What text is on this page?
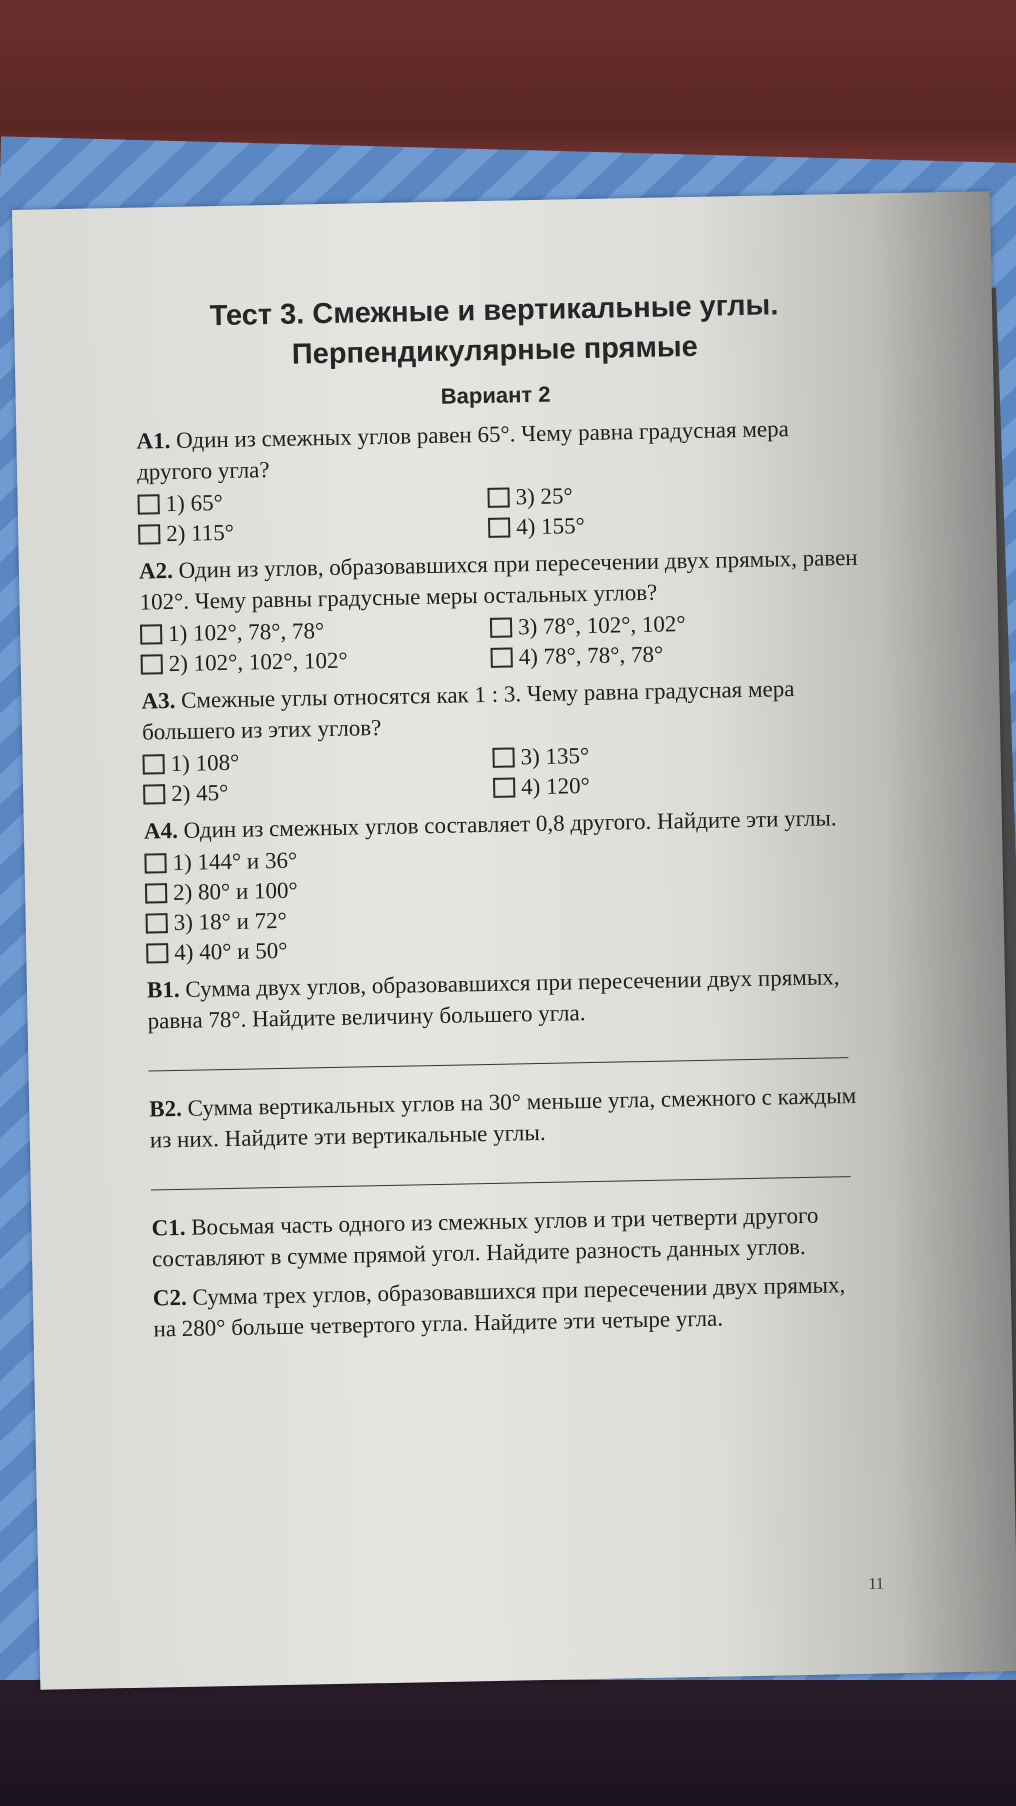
Тест 3. Смежные и вертикальные углы.

Перпендикулярные прямые

Вариант 2

A1. Один из смежных углов равен 65°. Чему равна градусная мера другого угла?

1) 65°	3) 25°
2) 115°	4) 155°

A2. Один из углов, образовавшихся при пересечении двух прямых, равен 102°. Чему равны градусные меры остальных углов?

1) 102°, 78°, 78°	3) 78°, 102°, 102°
2) 102°, 102°, 102°	4) 78°, 78°, 78°

A3. Смежные углы относятся как 1 : 3. Чему равна градусная мера большего из этих углов?

1) 108°	3) 135°
2) 45°	4) 120°

A4. Один из смежных углов составляет 0,8 другого. Найдите эти углы.

1) 144° и 36°
2) 80° и 100°
3) 18° и 72°
4) 40° и 50°

B1. Сумма двух углов, образовавшихся при пересечении двух прямых, равна 78°. Найдите величину большего угла.

B2. Сумма вертикальных углов на 30° меньше угла, смежного с каждым из них. Найдите эти вертикальные углы.

C1. Восьмая часть одного из смежных углов и три четверти другого составляют в сумме прямой угол. Найдите разность данных углов.

C2. Сумма трех углов, образовавшихся при пересечении двух прямых, на 280° больше четвертого угла. Найдите эти четыре угла.

11
